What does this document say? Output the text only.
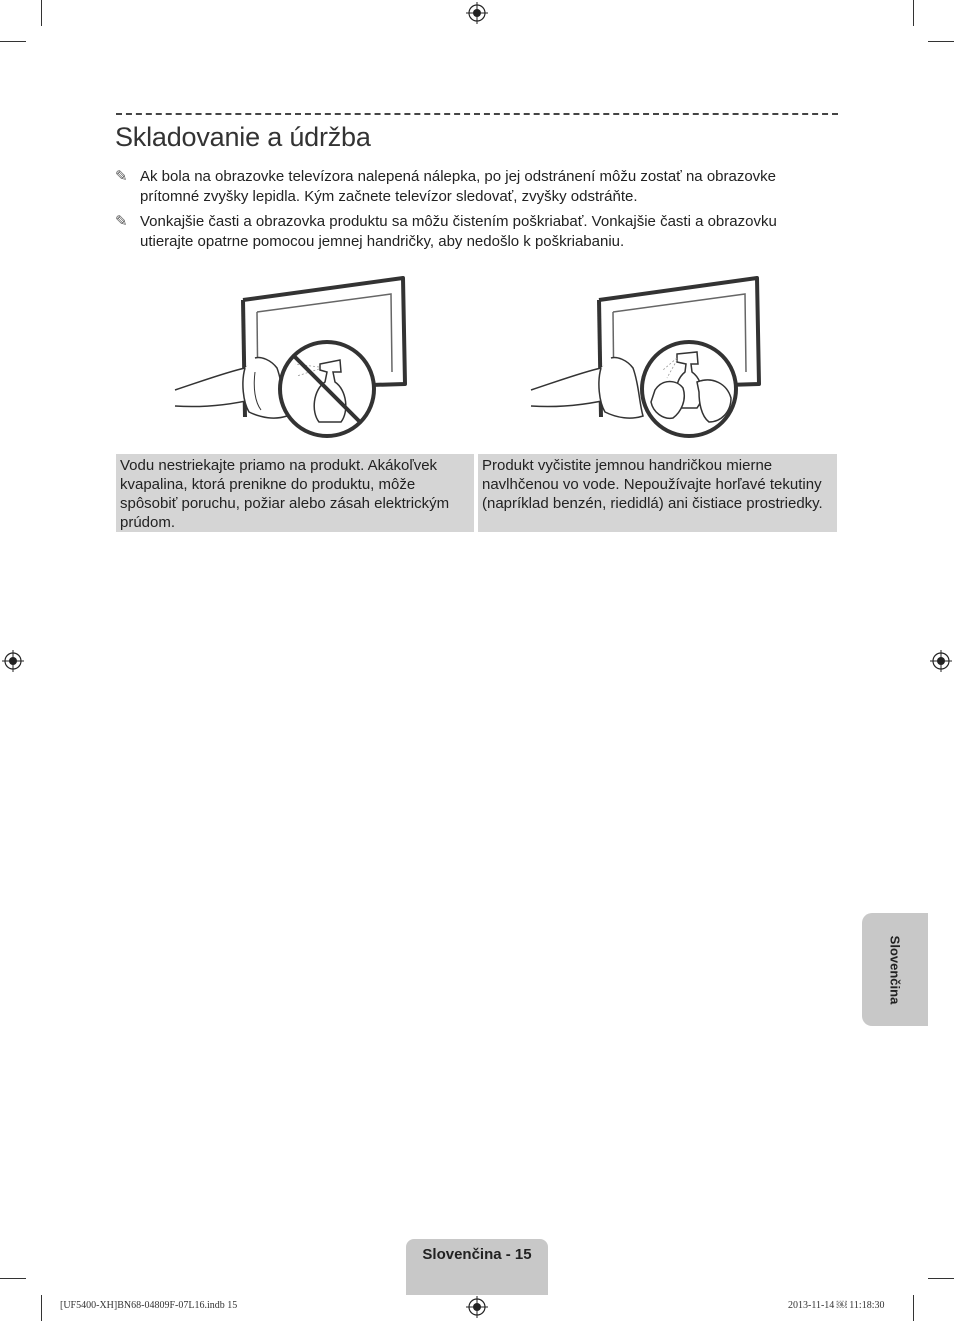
Skladovanie a údržba
✎ Ak bola na obrazovke televízora nalepená nálepka, po jej odstránení môžu zostať na obrazovke prítomné zvyšky lepidla. Kým začnete televízor sledovať, zvyšky odstráňte.
✎ Vonkajšie časti a obrazovka produktu sa môžu čistením poškriabať. Vonkajšie časti a obrazovku utierajte opatrne pomocou jemnej handričky, aby nedošlo k poškriabaniu.
Vodu nestriekajte priamo na produkt. Akákoľvek kvapalina, ktorá prenikne do produktu, môže spôsobiť poruchu, požiar alebo zásah elektrickým prúdom.
Produkt vyčistite jemnou handričkou mierne navlhčenou vo vode. Nepoužívajte horľavé tekutiny (napríklad benzén, riedidlá) ani čistiace prostriedky.
Slovenčina
Slovenčina - 15
[UF5400-XH]BN68-04809F-07L16.indb 15	2013-11-14 ￼ 11:18:30
